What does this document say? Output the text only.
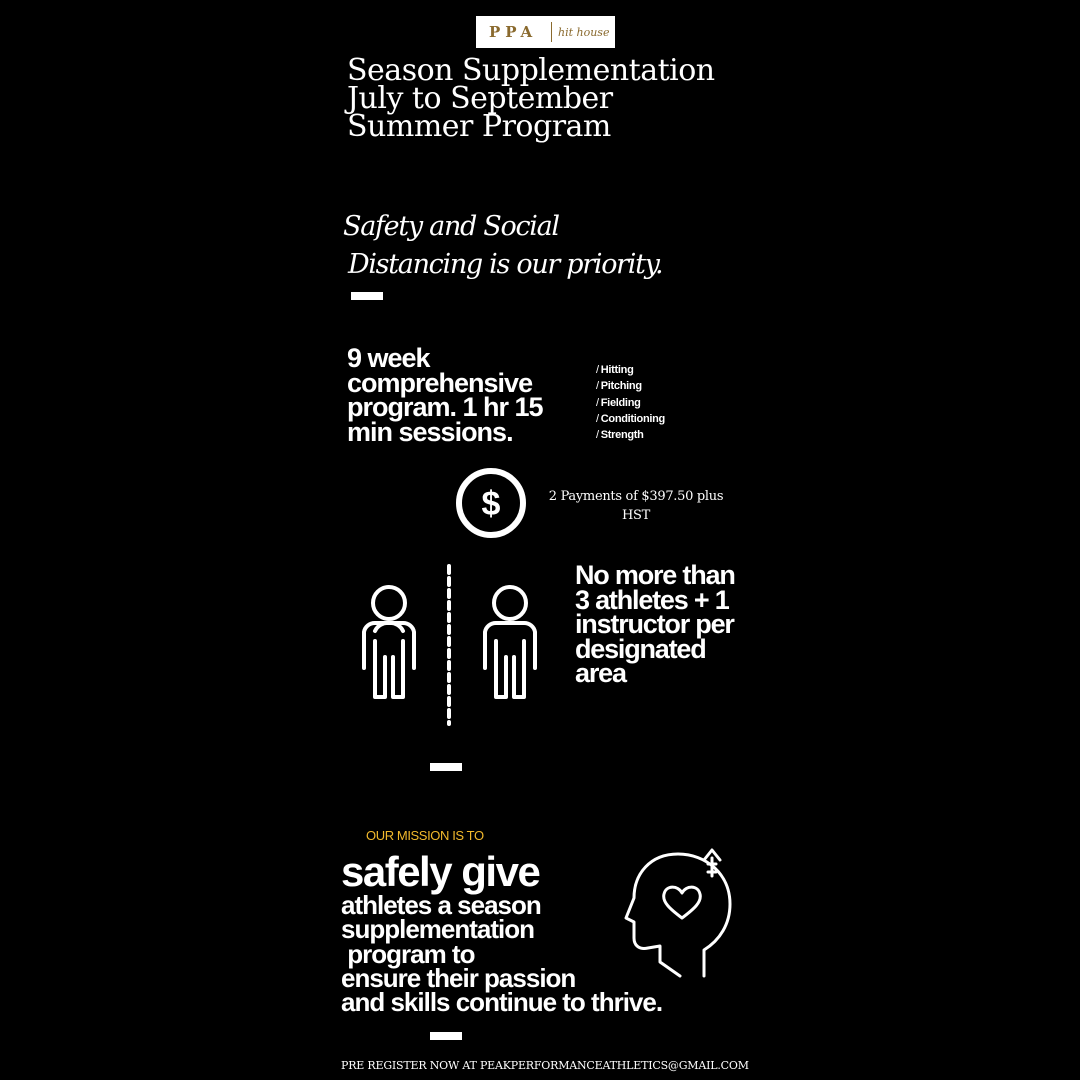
PPA	hit house
Season Supplementation July to September Summer Program
Safety and Social
Distancing is our priority.
9 week comprehensive program. 1 hr 15 min sessions.
/ Hitting
/ Pitching
/ Fielding
/ Conditioning
/ Strength
$	2 Payments of $397.50 plus HST
No more than 3 athletes + 1 instructor per designated area
OUR MISSION IS TO
safely give
athletes a season
supplementation
program to
ensure their passion
and skills continue to thrive.
PRE REGISTER NOW AT PEAKPERFORMANCEATHLETICS@GMAIL.COM
